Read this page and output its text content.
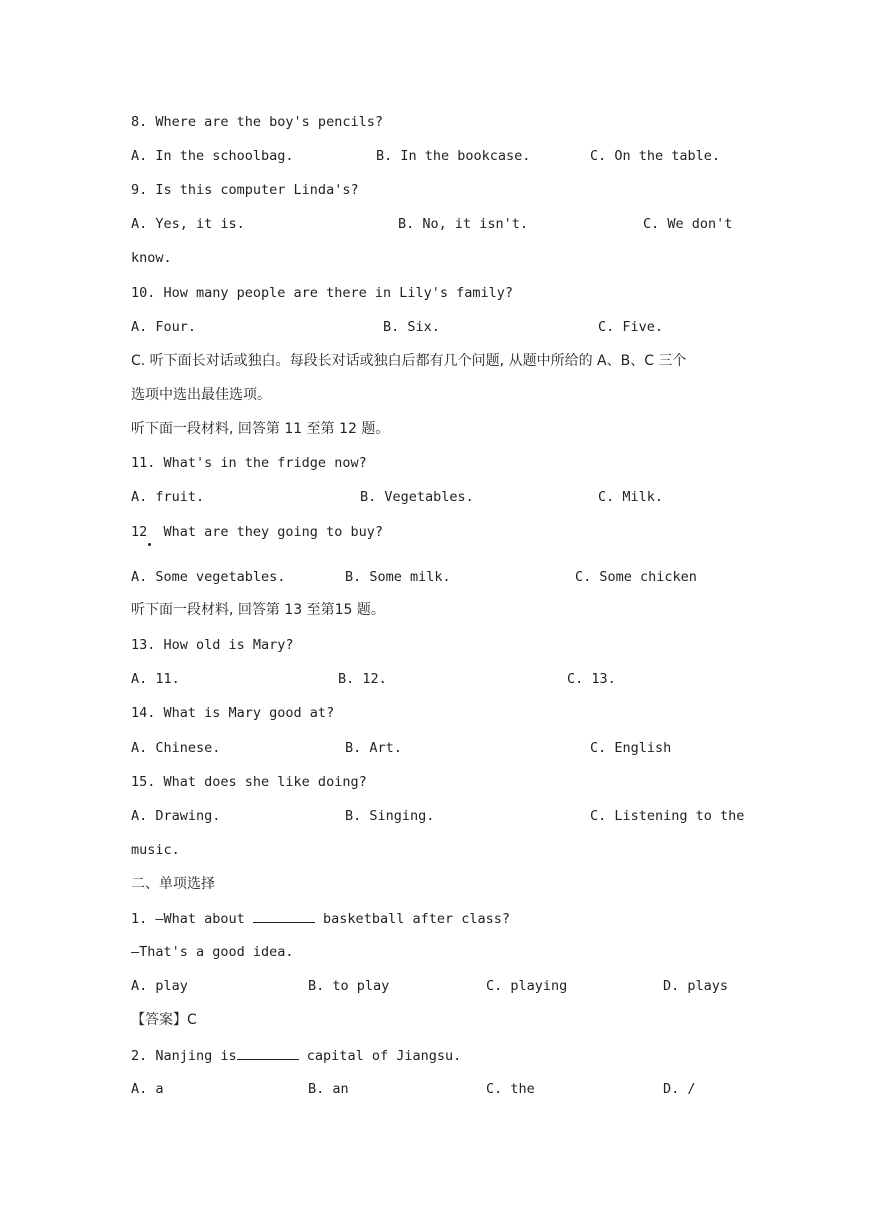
8. Where are the boy's pencils?

A. In the schoolbag.	B. In the bookcase.	C. On the table.

9. Is this computer Linda's?

A. Yes, it is.	B. No, it isn't.	C. We don't
know.

10. How many people are there in Lily's family?

A. Four.	B. Six.	C. Five.

C. 听下面长对话或独白。每段长对话或独白后都有几个问题, 从题中所给的 A、B、C 三个

选项中选出最佳选项。

听下面一段材料, 回答第 11 至第 12 题。

11. What's in the fridge now?

A. fruit.	B. Vegetables.	C. Milk.

12  What are they going to buy?

A. Some vegetables.	B. Some milk.	C. Some chicken

听下面一段材料, 回答第 13 至第15 题。

13. How old is Mary?

A. 11.	B. 12.	C. 13.

14. What is Mary good at?

A. Chinese.	B. Art.	C. English

15. What does she like doing?

A. Drawing.	B. Singing.	C. Listening to the
music.

二、单项选择

1. —What about	basketball after class?

—That's a good idea.

A. play	B. to play	C. playing	D. plays

【答案】C

2. Nanjing is	capital of Jiangsu.

A. a	B. an	C. the	D. /
